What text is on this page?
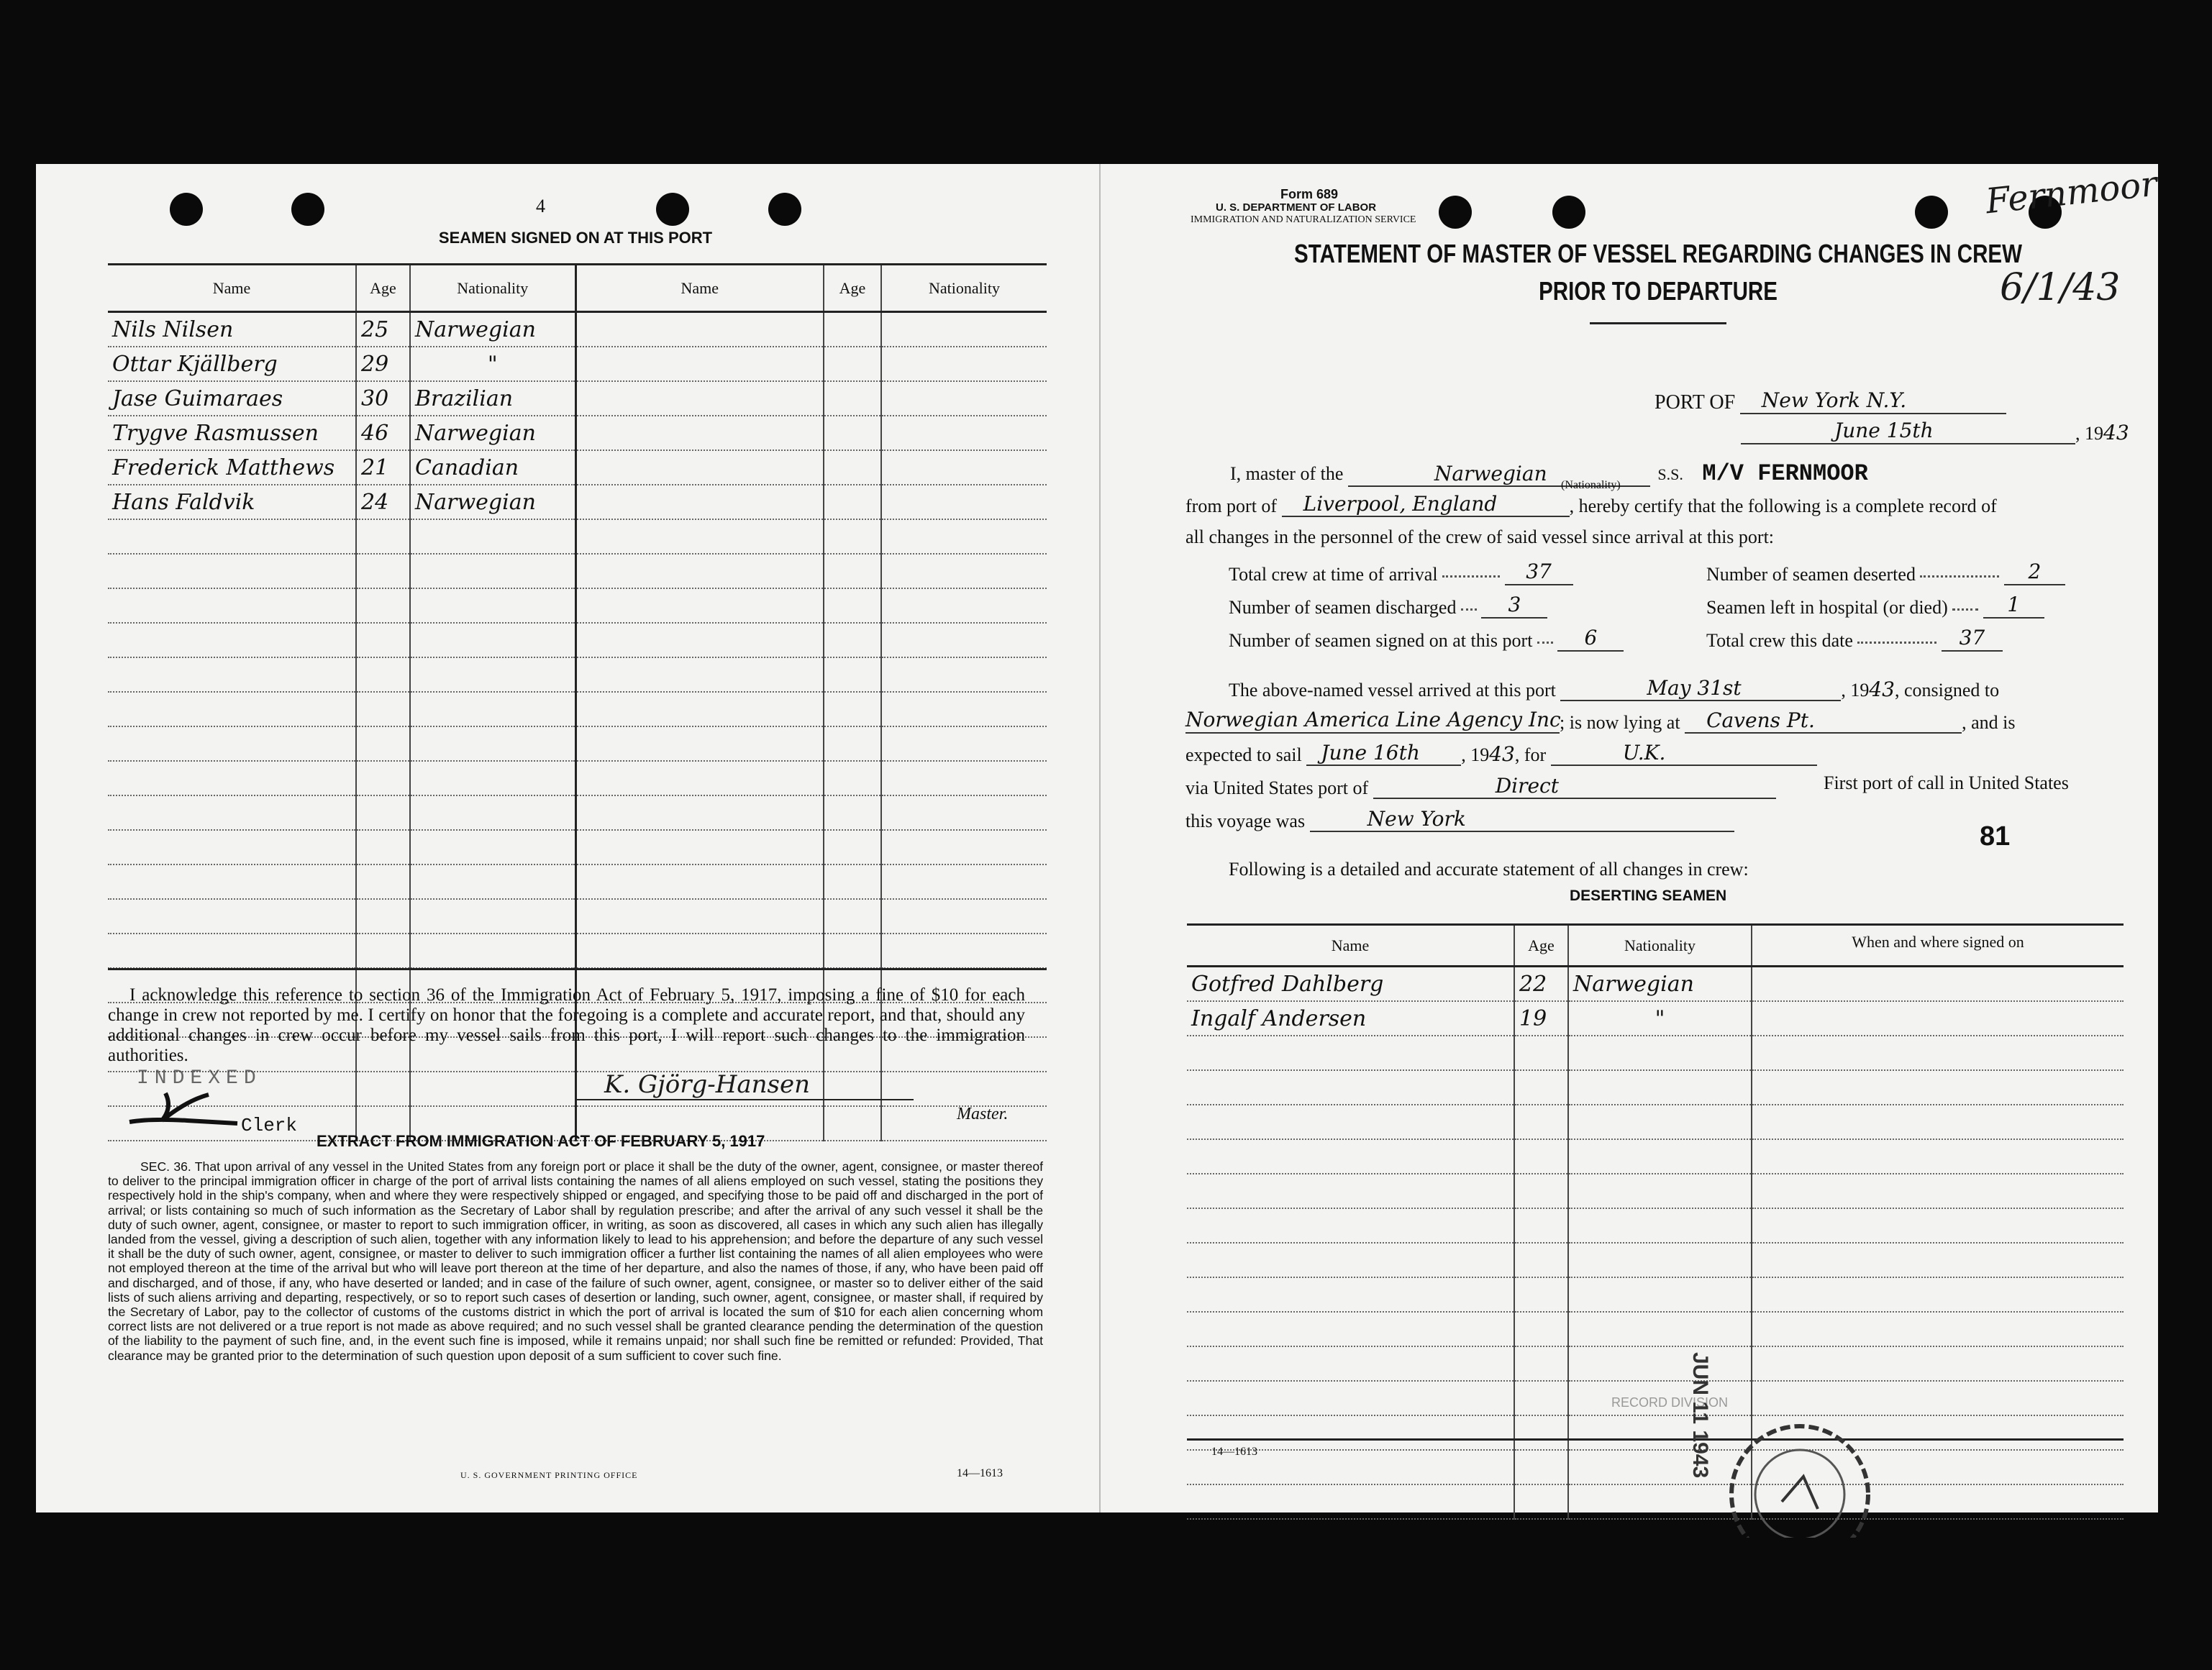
4
SEAMEN SIGNED ON AT THIS PORT
Name	Age	Nationality	Name	Age	Nationality
Nils Nilsen	25	Narwegian			
Ottar Kjällberg	29	"			
Jase Guimaraes	30	Brazilian			
Trygve Rasmussen	46	Narwegian			
Frederick Matthews	21	Canadian			
Hans Faldvik	24	Narwegian			

I acknowledge this reference to section 36 of the Immigration Act of February 5, 1917, imposing a fine of $10 for each change in crew not reported by me. I certify on honor that the foregoing is a complete and accurate report, and that, should any additional changes in crew occur before my vessel sails from this port, I will report such changes to the immigration authorities.
INDEXED
Clerk
K. Gjörg-Hansen
Master.
EXTRACT FROM IMMIGRATION ACT OF FEBRUARY 5, 1917
SEC. 36. That upon arrival of any vessel in the United States from any foreign port or place it shall be the duty of the owner, agent, consignee, or master thereof to deliver to the principal immigration officer in charge of the port of arrival lists containing the names of all aliens employed on such vessel, stating the positions they respectively hold in the ship's company, when and where they were respectively shipped or engaged, and specifying those to be paid off and discharged in the port of arrival; or lists containing so much of such information as the Secretary of Labor shall by regulation prescribe; and after the arrival of any such vessel it shall be the duty of such owner, agent, consignee, or master to report to such immigration officer, in writing, as soon as discovered, all cases in which any such alien has illegally landed from the vessel, giving a description of such alien, together with any information likely to lead to his apprehension; and before the departure of any such vessel it shall be the duty of such owner, agent, consignee, or master to deliver to such immigration officer a further list containing the names of all alien employees who were not employed thereon at the time of the arrival but who will leave port thereon at the time of her departure, and also the names of those, if any, who have been paid off and discharged, and of those, if any, who have deserted or landed; and in case of the failure of such owner, agent, consignee, or master so to deliver either of the said lists of such aliens arriving and departing, respectively, or so to report such cases of desertion or landing, such owner, agent, consignee, or master shall, if required by the Secretary of Labor, pay to the collector of customs of the customs district in which the port of arrival is located the sum of $10 for each alien concerning whom correct lists are not delivered or a true report is not made as above required; and no such vessel shall be granted clearance pending the determination of the question of the liability to the payment of such fine, and, in the event such fine is imposed, while it remains unpaid; nor shall such fine be remitted or refunded: Provided, That clearance may be granted prior to the determination of such question upon deposit of a sum sufficient to cover such fine.
U. S. GOVERNMENT PRINTING OFFICE	14—1613
Form 689
U. S. DEPARTMENT OF LABOR
IMMIGRATION AND NATURALIZATION SERVICE	Fernmoor
6/1/43
STATEMENT OF MASTER OF VESSEL REGARDING CHANGES IN CREW
PRIOR TO DEPARTURE
PORT OF New York N.Y.
June 15th	, 1943
I, master of the	Narwegian	S.S. M/V FERNMOOR
(Nationality)
from port of Liverpool, England	, hereby certify that the following is a complete record of
all changes in the personnel of the crew of said vessel since arrival at this port:
Total crew at time of arrival	37	Number of seamen deserted	2
Number of seamen discharged	3	Seamen left in hospital (or died)	1
Number of seamen signed on at this port	6	Total crew this date	37
The above-named vessel arrived at this port	May 31st	, 1943, consigned to
Norwegian America Line Agency Inc; is now lying at Cavens Pt.	, and is
expected to sail June 16th , 1943, for	U.K.
via United States port of	Direct	First port of call in United States
this voyage was	New York
81
Following is a detailed and accurate statement of all changes in crew:
DESERTING SEAMEN
Name	Age	Nationality	When and where signed on
Gotfred Dahlberg	22	Narwegian	
Ingalf Andersen	19	"	

RECORD DIVISION
JUN 11 1943
14—1613
